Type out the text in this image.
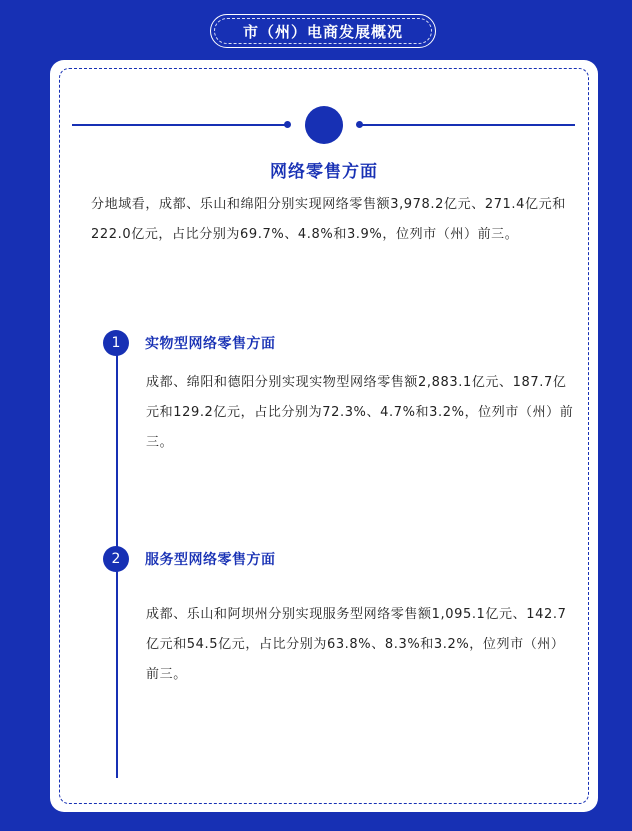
市（州）电商发展概况
网络零售方面

分地域看，成都、乐山和绵阳分别实现网络零售额3,978.2亿元、271.4亿元和222.0亿元，占比分别为69.7%、4.8%和3.9%，位列市（州）前三。

1	实物型网络零售方面

成都、绵阳和德阳分别实现实物型网络零售额2,883.1亿元、187.7亿元和129.2亿元，占比分别为72.3%、4.7%和3.2%，位列市（州）前三。

2	服务型网络零售方面

成都、乐山和阿坝州分别实现服务型网络零售额1,095.1亿元、142.7亿元和54.5亿元，占比分别为63.8%、8.3%和3.2%，位列市（州）前三。
